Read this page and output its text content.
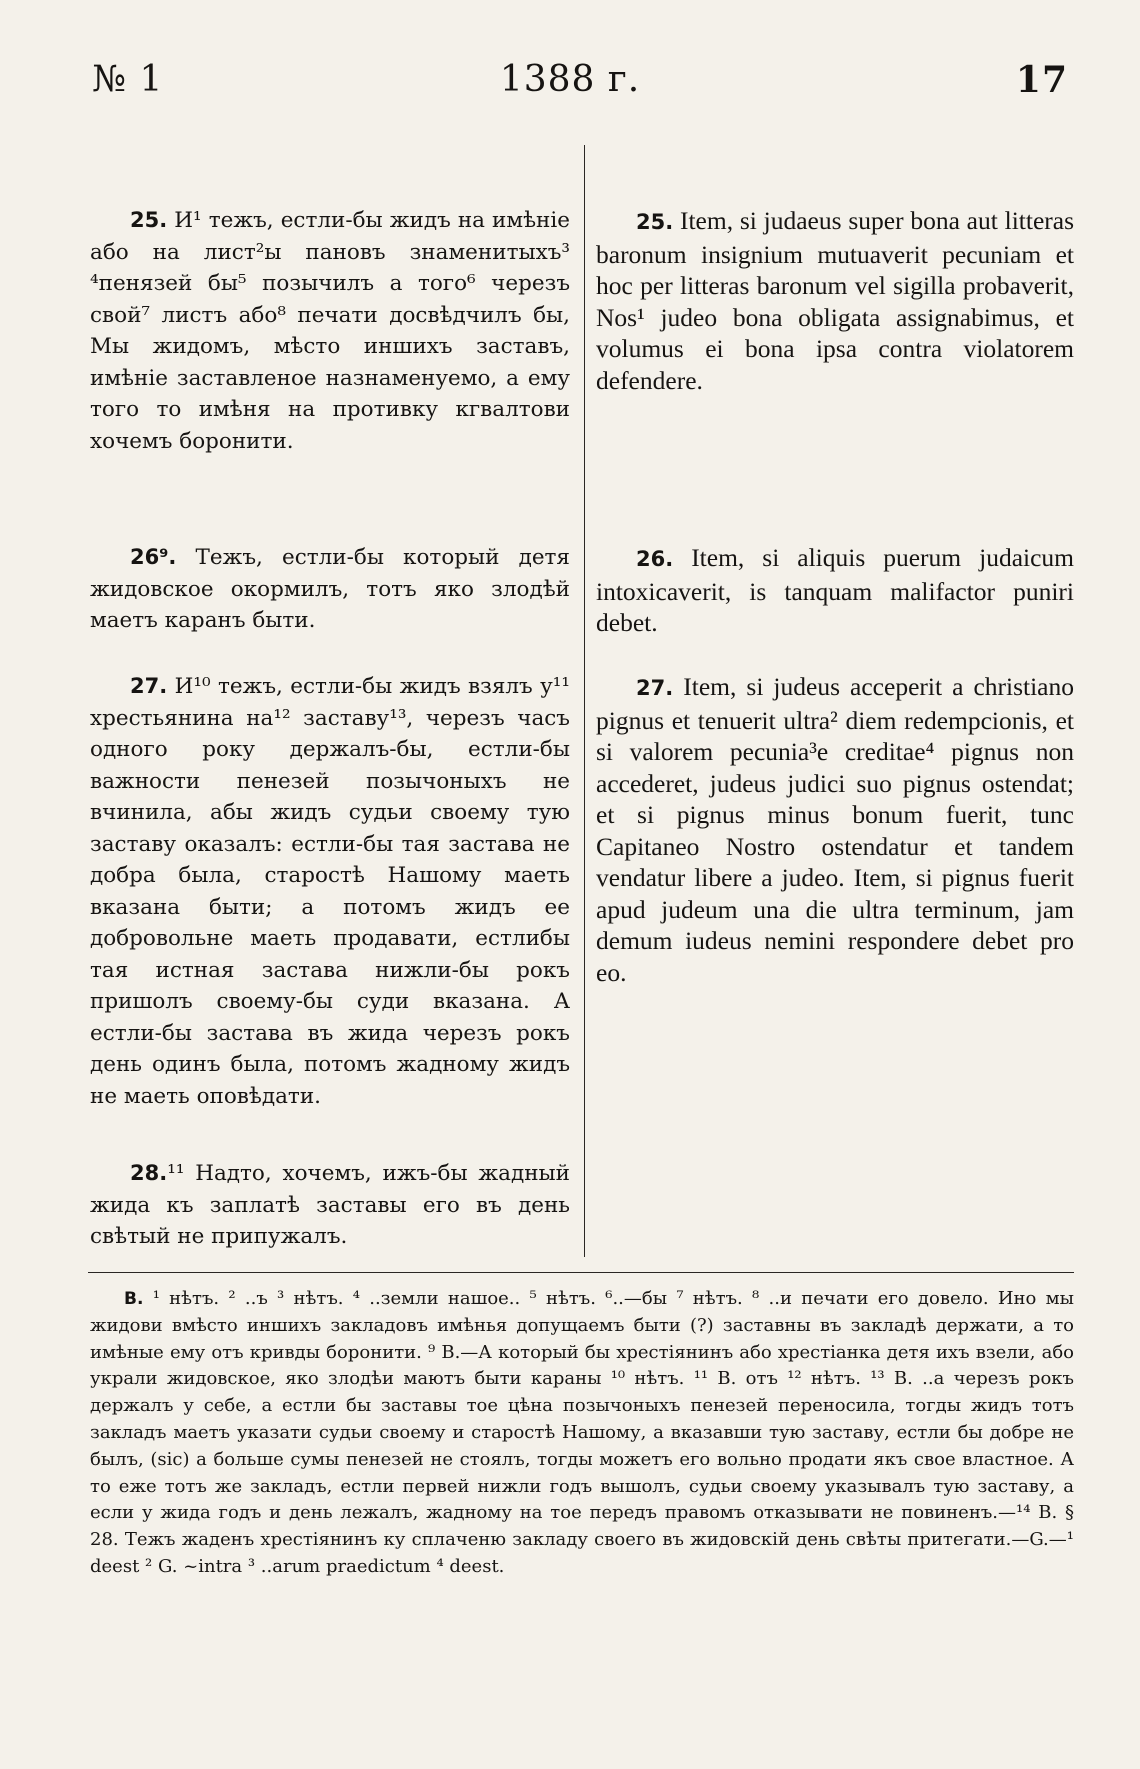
№ 1	1388 г.	17

25. И¹ тежъ, естли-бы жидъ на имѣніе або на лист²ы пановъ знаменитыхъ³ ⁴пенязей бы⁵ позычилъ а того⁶ черезъ свой⁷ листъ або⁸ печати досвѣдчилъ бы, Мы жидомъ, мѣсто иншихъ заставъ, имѣніе заставленое назнаменуемо, а ему того то имѣня на противку кгвалтови хочемъ боронити.

26⁹. Тежъ, естли-бы который детя жидовское окормилъ, тотъ яко злодѣй маетъ каранъ быти.

27. И¹⁰ тежъ, естли-бы жидъ взялъ у¹¹ хрестьянина на¹² заставу¹³, черезъ часъ одного року держалъ-бы, естли-бы важности пенезей позычоныхъ не вчинила, абы жидъ судьи своему тую заставу оказалъ: естли-бы тая застава не добра была, старостѣ Нашому маеть вказана быти; а потомъ жидъ ее добровольне маеть продавати, естлибы тая истная застава нижли-бы рокъ пришолъ своему-бы суди вказана. А естли-бы застава въ жида черезъ рокъ день одинъ была, потомъ жадному жидъ не маеть оповѣдати.

28.¹¹ Надто, хочемъ, ижъ-бы жадный жида къ заплатѣ заставы его въ день свѣтый не припужалъ.

25. Item, si judaeus super bona aut litteras baronum insignium mutuaverit pecuniam et hoc per litteras baronum vel sigilla probaverit, Nos¹ judeo bona obligata assignabimus, et volumus ei bona ipsa contra violatorem defendere.

26. Item, si aliquis puerum judaicum intoxicaverit, is tanquam malifactor puniri debet.

27. Item, si judeus acceperit a christiano pignus et tenuerit ultra² diem redempcionis, et si valorem pecunia³e creditae⁴ pignus non accederet, judeus judici suo pignus ostendat; et si pignus minus bonum fuerit, tunc Capitaneo Nostro ostendatur et tandem vendatur libere a judeo. Item, si pignus fuerit apud judeum una die ultra terminum, jam demum iudeus nemini respondere debet pro eo.

В. ¹ нѣтъ. ² ..ъ ³ нѣтъ. ⁴ ..земли нашое.. ⁵ нѣтъ. ⁶..—бы ⁷ нѣтъ. ⁸ ..и печати его довело. Ино мы жидови вмѣсто иншихъ закладовъ имѣнья допущаемъ быти (?) заставны въ закладѣ держати, а то имѣные ему отъ кривды боронити. ⁹ В.—А который бы хрестіянинъ або хрестіанка детя ихъ взели, або украли жидовское, яко злодѣи маютъ быти караны ¹⁰ нѣтъ. ¹¹ В. отъ ¹² нѣтъ. ¹³ В. ..а черезъ рокъ держалъ у себе, а естли бы заставы тое цѣна позычоныхъ пенезей переносила, тогды жидъ тотъ закладъ маетъ указати судьи своему и старостѣ Нашому, а вказавши тую заставу, естли бы добре не былъ, (sic) а больше сумы пенезей не стоялъ, тогды можетъ его вольно продати якъ свое властное. А то еже тотъ же закладъ, естли первей нижли годъ вышолъ, судьи своему указывалъ тую заставу, а если у жида годъ и день лежалъ, жадному на тое передъ правомъ отказывати не повиненъ.—¹⁴ В. § 28. Тежъ жаденъ хрестіянинъ ку сплаченю закладу своего въ жидовскій день свѣты притегати.—G.—¹ deest ² G. ~intra ³ ..arum praedictum ⁴ deest.
